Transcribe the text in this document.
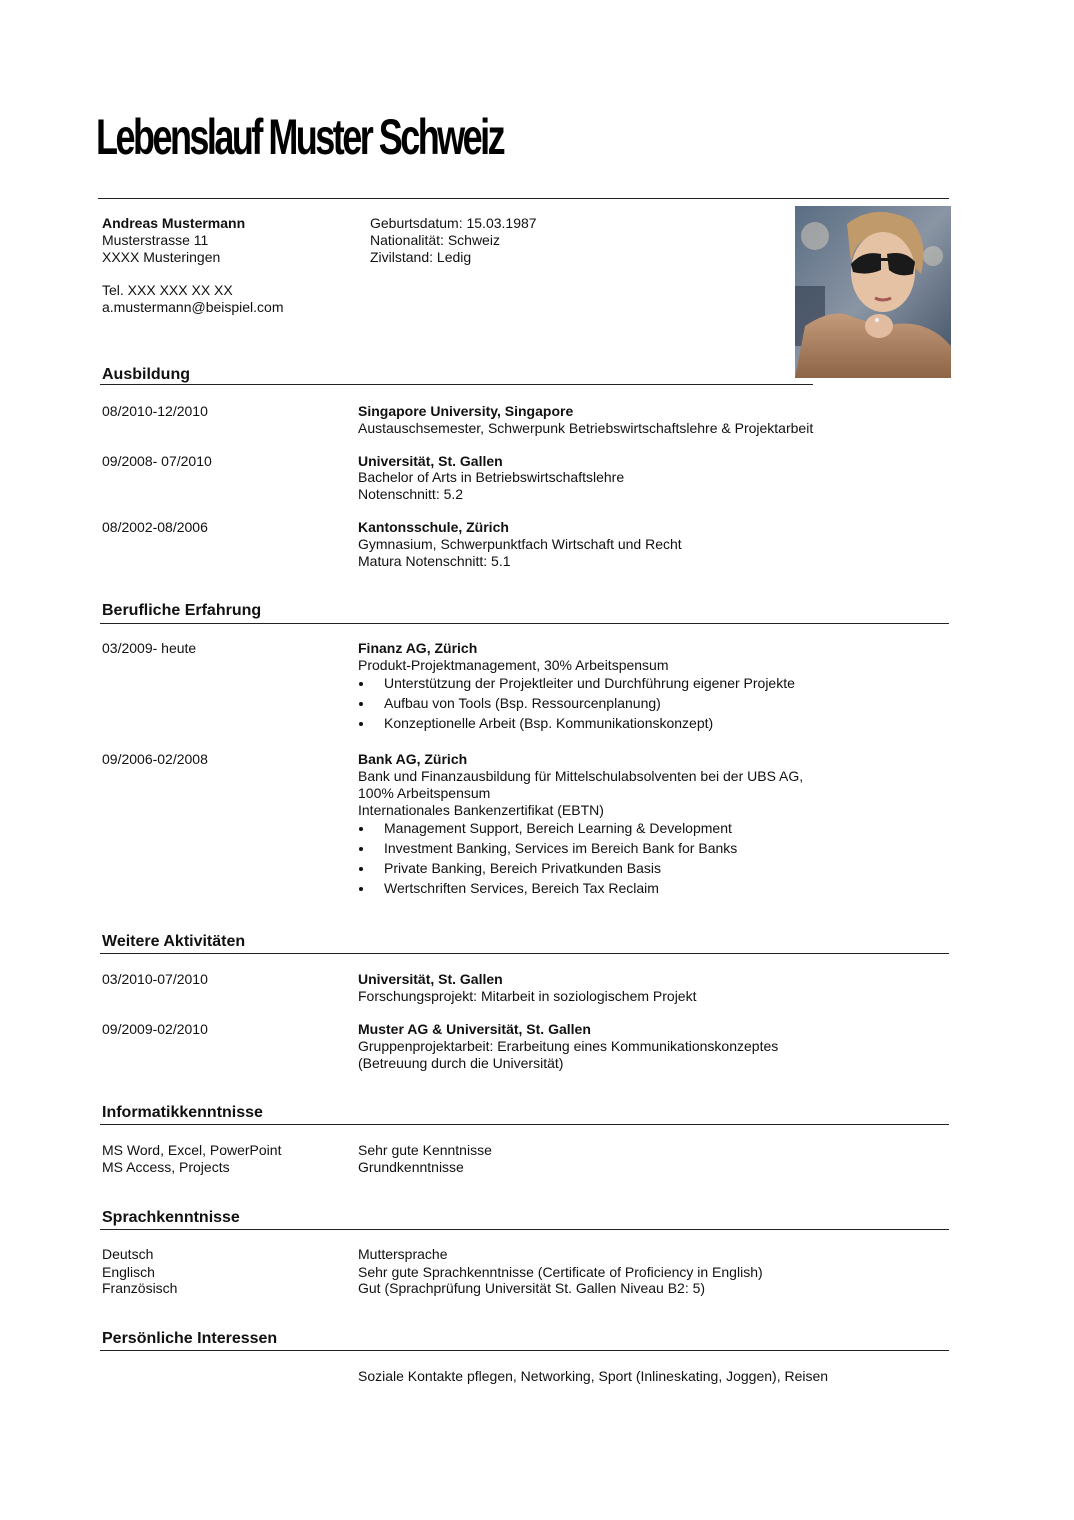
Lebenslauf Muster Schweiz
Andreas Mustermann
Musterstrasse 11
XXXX Musteringen
Tel. XXX XXX XX XX
a.mustermann@beispiel.com
Geburtsdatum: 15.03.1987
Nationalität: Schweiz
Zivilstand: Ledig
Ausbildung
08/2010-12/2010	Singapore University, Singapore
Austauschsemester, Schwerpunk Betriebswirtschaftslehre & Projektarbeit
09/2008- 07/2010	Universität, St. Gallen
Bachelor of Arts in Betriebswirtschaftslehre
Notenschnitt: 5.2
08/2002-08/2006	Kantonsschule, Zürich
Gymnasium, Schwerpunktfach Wirtschaft und Recht
Matura Notenschnitt: 5.1
Berufliche Erfahrung
03/2009- heute	Finanz AG, Zürich
Produkt-Projektmanagement, 30% Arbeitspensum
Unterstützung der Projektleiter und Durchführung eigener Projekte
Aufbau von Tools (Bsp. Ressourcenplanung)
Konzeptionelle Arbeit (Bsp. Kommunikationskonzept)
09/2006-02/2008	Bank AG, Zürich
Bank und Finanzausbildung für Mittelschulabsolventen bei der UBS AG,
100% Arbeitspensum
Internationales Bankenzertifikat (EBTN)
Management Support, Bereich Learning & Development
Investment Banking, Services im Bereich Bank for Banks
Private Banking, Bereich Privatkunden Basis
Wertschriften Services, Bereich Tax Reclaim
Weitere Aktivitäten
03/2010-07/2010	Universität, St. Gallen
Forschungsprojekt: Mitarbeit in soziologischem Projekt
09/2009-02/2010	Muster AG & Universität, St. Gallen
Gruppenprojektarbeit: Erarbeitung eines Kommunikationskonzeptes
(Betreuung durch die Universität)
Informatikkenntnisse
MS Word, Excel, PowerPoint	Sehr gute Kenntnisse
MS Access, Projects	Grundkenntnisse
Sprachkenntnisse
Deutsch	Muttersprache
Englisch	Sehr gute Sprachkenntnisse (Certificate of Proficiency in English)
Französisch	Gut (Sprachprüfung Universität St. Gallen Niveau B2: 5)
Persönliche Interessen
Soziale Kontakte pflegen, Networking, Sport (Inlineskating, Joggen), Reisen
